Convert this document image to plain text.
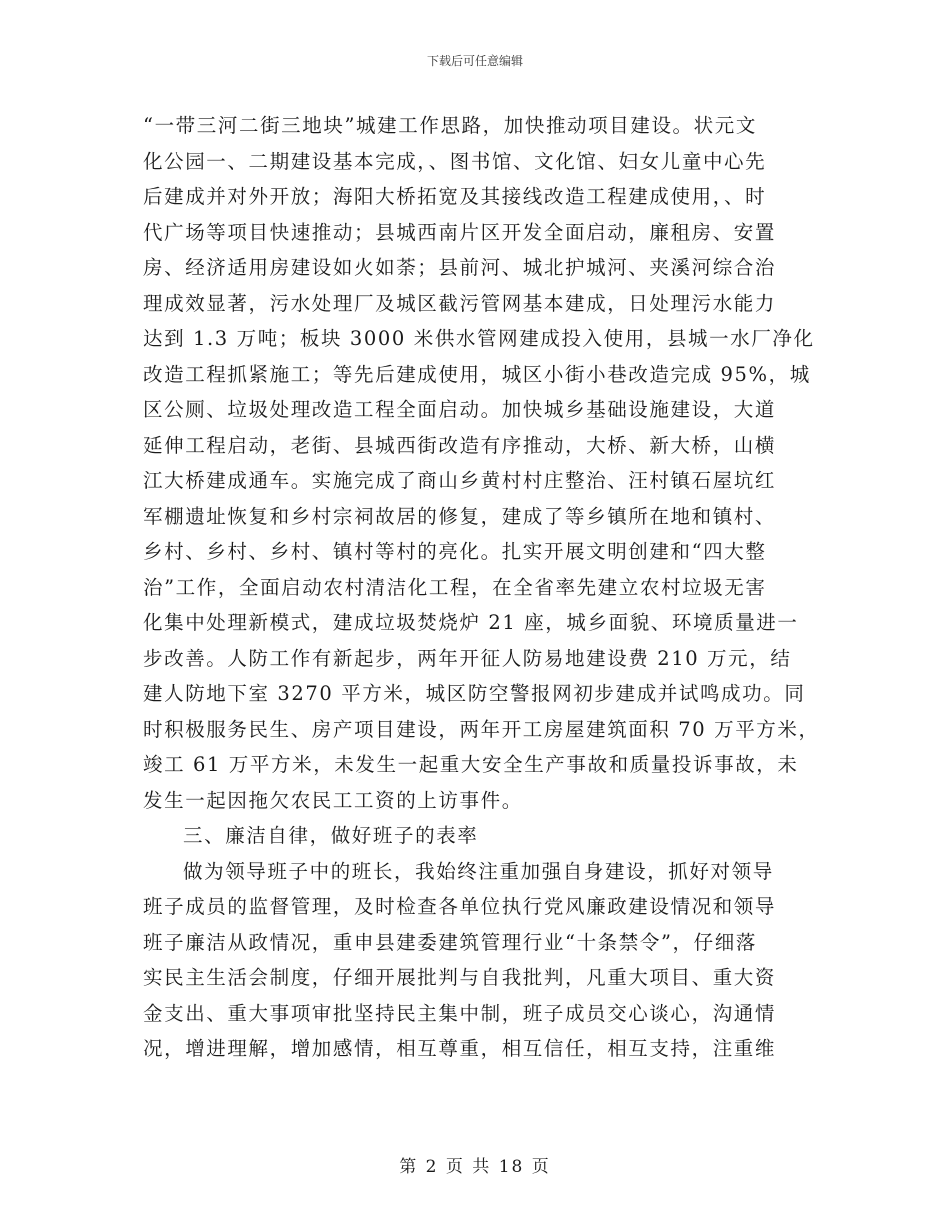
下载后可任意编辑
“一带三河二街三地块”城建工作思路，加快推动项目建设。状元文
化公园一、二期建设基本完成，、图书馆、文化馆、妇女儿童中心先
后建成并对外开放；海阳大桥拓宽及其接线改造工程建成使用，、时
代广场等项目快速推动；县城西南片区开发全面启动，廉租房、安置
房、经济适用房建设如火如荼；县前河、城北护城河、夹溪河综合治
理成效显著，污水处理厂及城区截污管网基本建成，日处理污水能力
达到 1.3 万吨；板块 3000 米供水管网建成投入使用，县城一水厂净化
改造工程抓紧施工；等先后建成使用，城区小街小巷改造完成 95%，城
区公厕、垃圾处理改造工程全面启动。加快城乡基础设施建设，大道
延伸工程启动，老街、县城西街改造有序推动，大桥、新大桥，山横
江大桥建成通车。实施完成了商山乡黄村村庄整治、汪村镇石屋坑红
军棚遗址恢复和乡村宗祠故居的修复，建成了等乡镇所在地和镇村、
乡村、乡村、乡村、镇村等村的亮化。扎实开展文明创建和“四大整
治”工作，全面启动农村清洁化工程，在全省率先建立农村垃圾无害
化集中处理新模式，建成垃圾焚烧炉 21 座，城乡面貌、环境质量进一
步改善。人防工作有新起步，两年开征人防易地建设费 210 万元，结
建人防地下室 3270 平方米，城区防空警报网初步建成并试鸣成功。同
时积极服务民生、房产项目建设，两年开工房屋建筑面积 70 万平方米，
竣工 61 万平方米，未发生一起重大安全生产事故和质量投诉事故，未
发生一起因拖欠农民工工资的上访事件。
三、廉洁自律，做好班子的表率
做为领导班子中的班长，我始终注重加强自身建设，抓好对领导
班子成员的监督管理，及时检查各单位执行党风廉政建设情况和领导
班子廉洁从政情况，重申县建委建筑管理行业“十条禁令”，仔细落
实民主生活会制度，仔细开展批判与自我批判，凡重大项目、重大资
金支出、重大事项审批坚持民主集中制，班子成员交心谈心，沟通情
况，增进理解，增加感情，相互尊重，相互信任，相互支持，注重维
第 2 页 共 18 页
